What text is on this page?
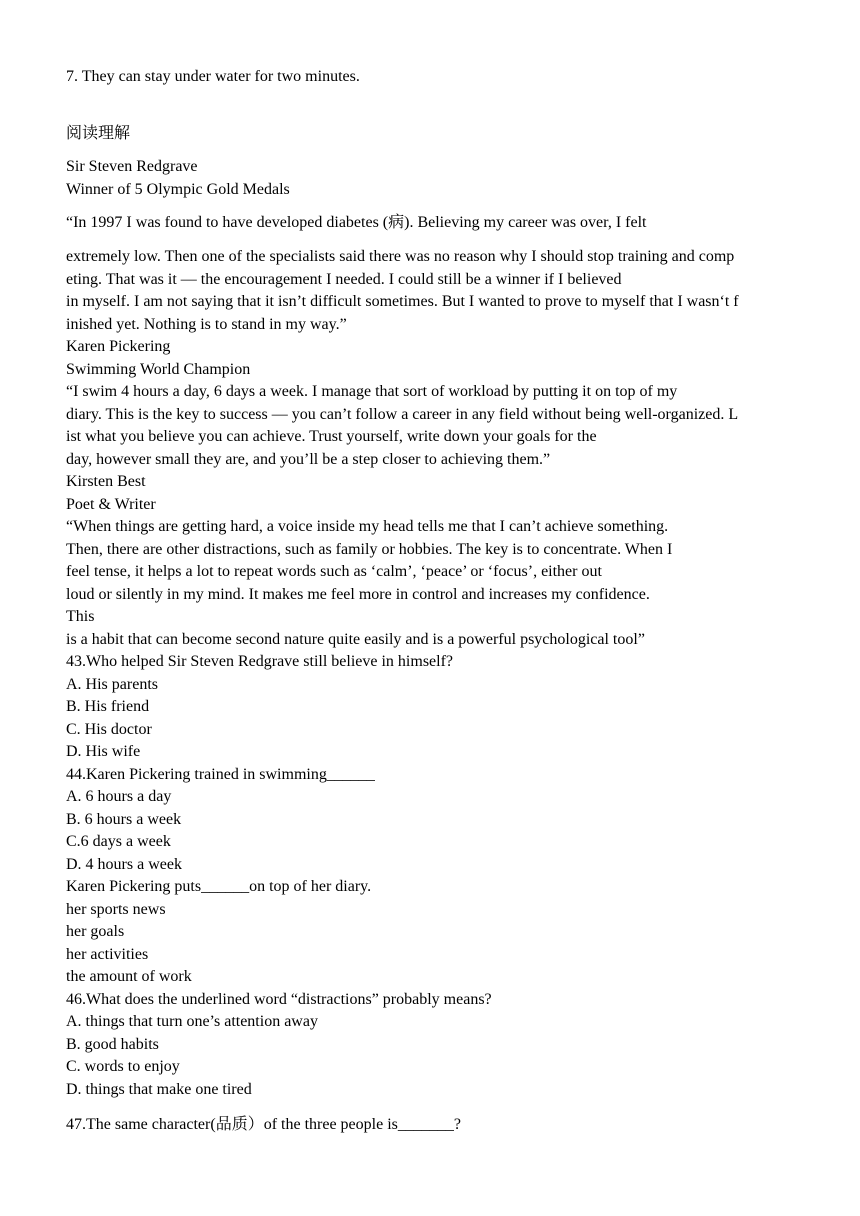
7. They can stay under water for two minutes.
阅读理解
Sir Steven Redgrave
Winner of 5 Olympic Gold Medals
“In 1997 I was found to have developed diabetes (病). Believing my career was over, I felt
extremely low. Then one of the specialists said there was no reason why I should stop training and comp
eting. That was it — the encouragement I needed. I could still be a winner if I believed
in myself. I am not saying that it isn’t difficult sometimes. But I wanted to prove to myself that I wasn‘t f
inished yet. Nothing is to stand in my way.”
Karen Pickering
Swimming World Champion
“I swim 4 hours a day, 6 days a week. I manage that sort of workload by putting it on top of my
diary. This is the key to success — you can’t follow a career in any field without being well-organized. L
ist what you believe you can achieve. Trust yourself, write down your goals for the
day, however small they are, and you’ll be a step closer to achieving them.”
Kirsten Best
Poet & Writer
“When things are getting hard, a voice inside my head tells me that I can’t achieve something.
Then, there are other distractions, such as family or hobbies. The key is to concentrate. When I
feel tense, it helps a lot to repeat words such as ‘calm’, ‘peace’ or ‘focus’, either out
loud or silently in my mind. It makes me feel more in control and increases my confidence.
This
is a habit that can become second nature quite easily and is a powerful psychological tool”
43.Who helped Sir Steven Redgrave still believe in himself?
A. His parents
B. His friend
C. His doctor
D. His wife
44.Karen Pickering trained in swimming______
A. 6 hours a day
B. 6 hours a week
C.6 days a week
D. 4 hours a week
Karen Pickering puts______on top of her diary.
her sports news
her goals
her activities
the amount of work
46.What does the underlined word “distractions” probably means?
A. things that turn one’s attention away
B. good habits
C. words to enjoy
D. things that make one tired
47.The same character(品质）of the three people is_______?
